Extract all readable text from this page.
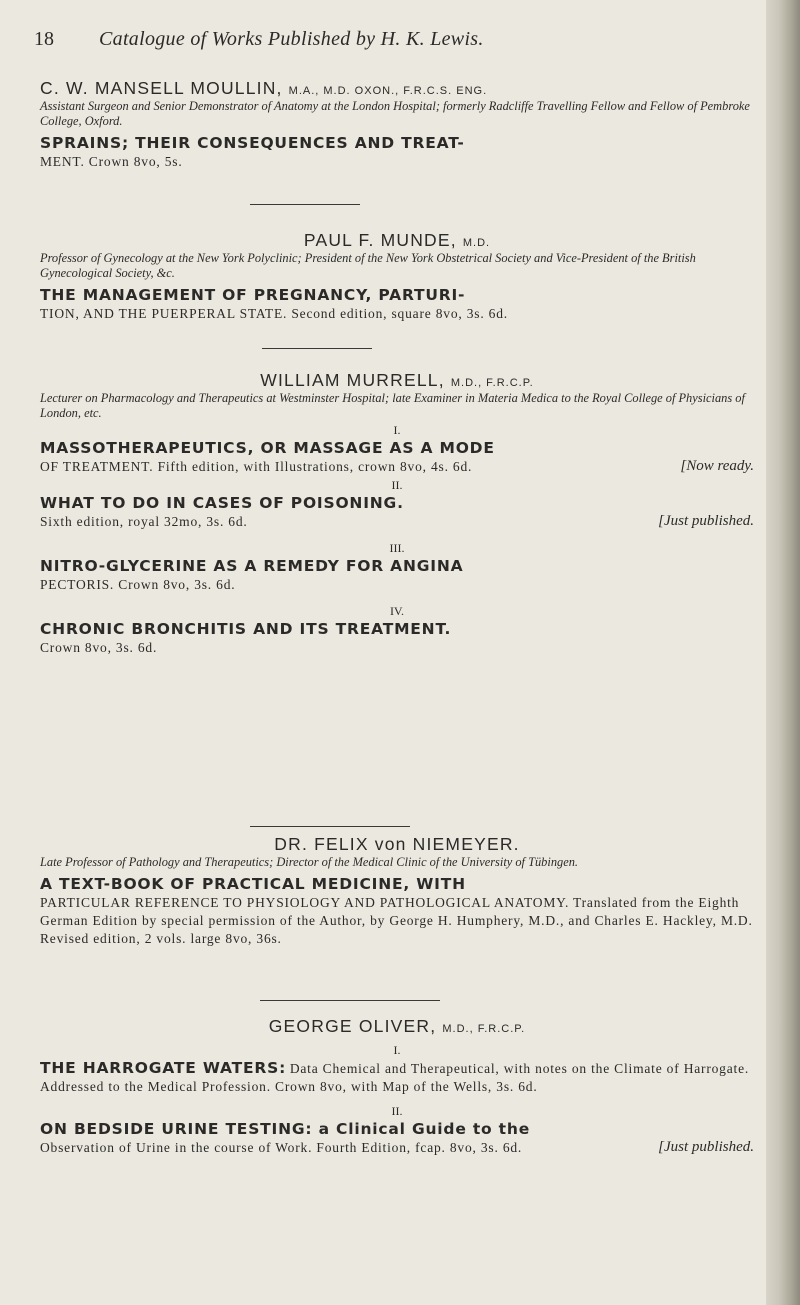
18 Catalogue of Works Published by H. K. Lewis.
C. W. MANSELL MOULLIN, M.A., M.D. OXON., F.R.C.S. ENG.
Assistant Surgeon and Senior Demonstrator of Anatomy at the London Hospital; formerly Radcliffe Travelling Fellow and Fellow of Pembroke College, Oxford.
SPRAINS; THEIR CONSEQUENCES AND TREAT-
MENT. Crown 8vo, 5s.
PAUL F. MUNDE, M.D.
Professor of Gynecology at the New York Polyclinic; President of the New York Obstetrical Society and Vice-President of the British Gynecological Society, &c.
THE MANAGEMENT OF PREGNANCY, PARTURI-
TION, AND THE PUERPERAL STATE. Second edition, square 8vo, 3s. 6d.
WILLIAM MURRELL, M.D., F.R.C.P.
Lecturer on Pharmacology and Therapeutics at Westminster Hospital; late Examiner in Materia Medica to the Royal College of Physicians of London, etc.
I.
MASSOTHERAPEUTICS, OR MASSAGE AS A MODE
OF TREATMENT. Fifth edition, with Illustrations, crown 8vo, 4s. 6d.	[Now ready.
II.
WHAT TO DO IN CASES OF POISONING.
Sixth edition, royal 32mo, 3s. 6d.	[Just published.
III.
NITRO-GLYCERINE AS A REMEDY FOR ANGINA
PECTORIS. Crown 8vo, 3s. 6d.
IV.
CHRONIC BRONCHITIS AND ITS TREATMENT.
Crown 8vo, 3s. 6d.
DR. FELIX von NIEMEYER.
Late Professor of Pathology and Therapeutics; Director of the Medical Clinic of the University of Tübingen.
A TEXT-BOOK OF PRACTICAL MEDICINE, WITH
PARTICULAR REFERENCE TO PHYSIOLOGY AND PATHOLOGICAL ANATOMY. Translated from the Eighth German Edition by special permission of the Author, by George H. Humphery, M.D., and Charles E. Hackley, M.D. Revised edition, 2 vols. large 8vo, 36s.
GEORGE OLIVER, M.D., F.R.C.P.
I.
THE HARROGATE WATERS: Data Chemical and Therapeutical, with notes on the Climate of Harrogate. Addressed to the Medical Profession. Crown 8vo, with Map of the Wells, 3s. 6d.
II.
ON BEDSIDE URINE TESTING: a Clinical Guide to the
Observation of Urine in the course of Work. Fourth Edition, fcap. 8vo, 3s. 6d.	[Just published.
